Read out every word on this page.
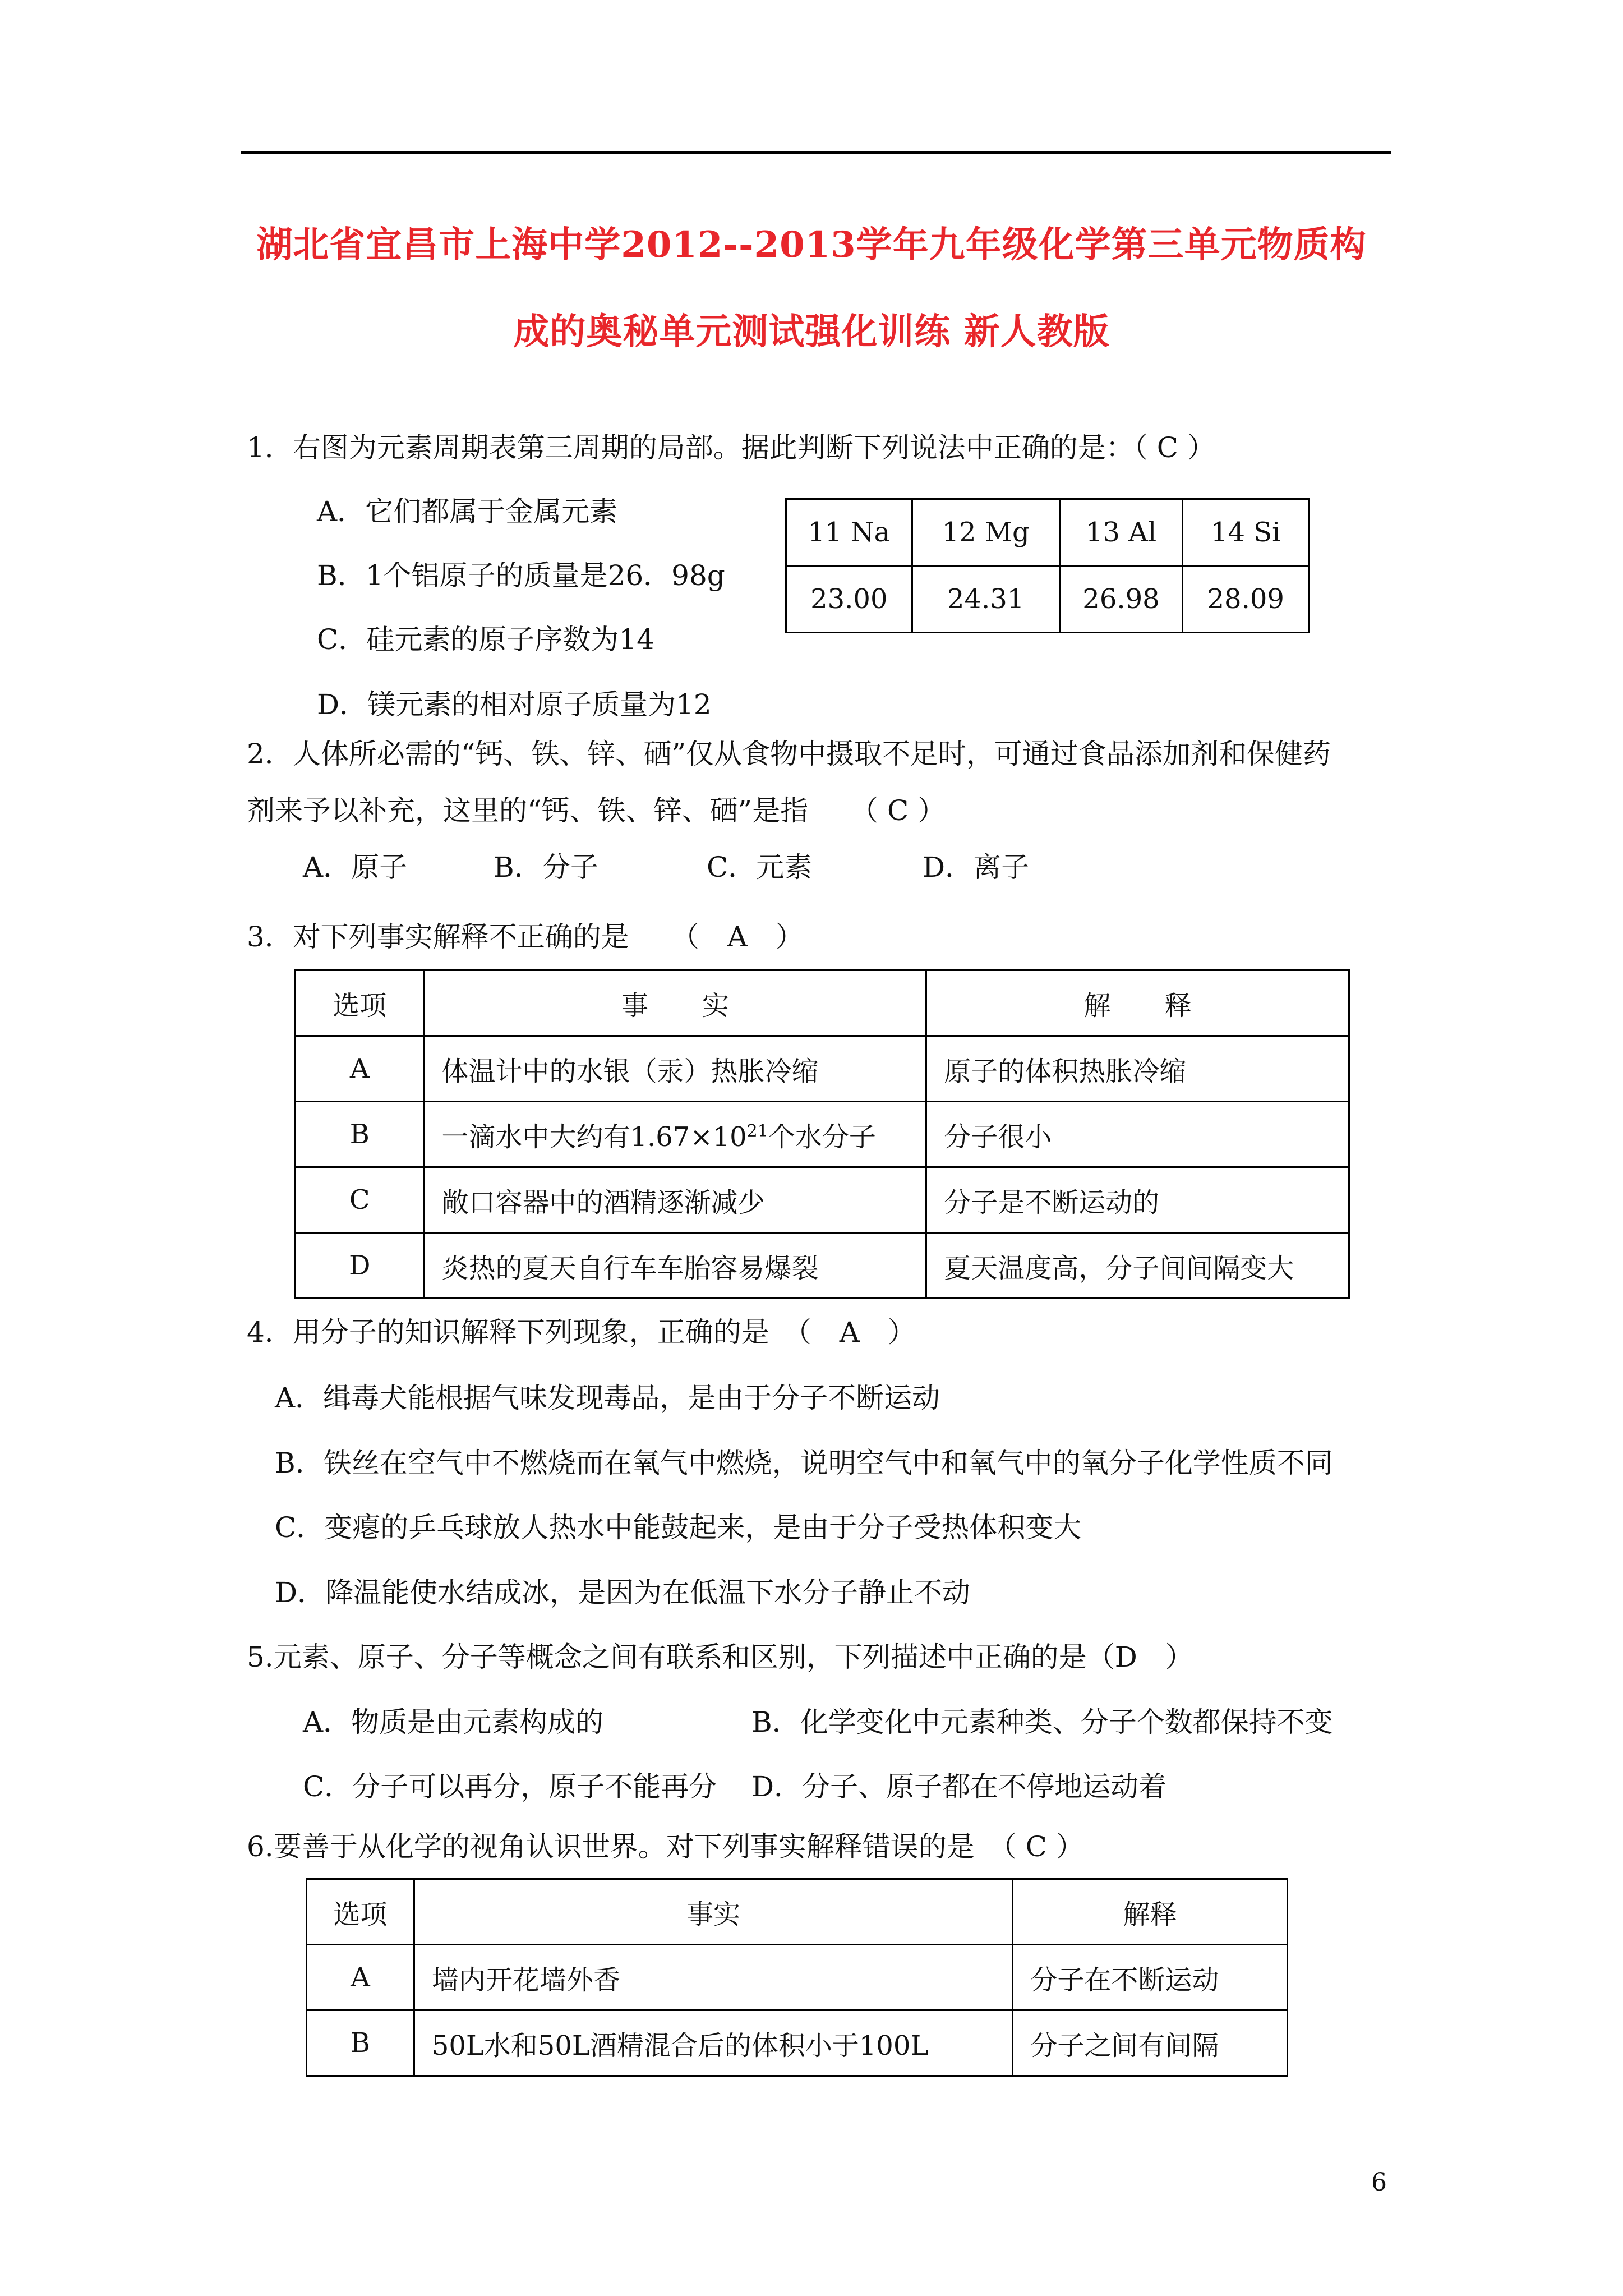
湖北省宜昌市上海中学2012--2013学年九年级化学第三单元物质构
成的奥秘单元测试强化训练 新人教版
1．右图为元素周期表第三周期的局部。据此判断下列说法中正确的是：（ C ）
A．它们都属于金属元素
B．1个铝原子的质量是26．98g
C．硅元素的原子序数为14
D．镁元素的相对原子质量为12
11 Na	12 Mg	13 Al	14 Si
23.00	24.31	26.98	28.09
2．人体所必需的“钙、铁、锌、硒”仅从食物中摄取不足时，可通过食品添加剂和保健药
剂来予以补充，这里的“钙、铁、锌、硒”是指　　（ C ）
A．原子	B．分子	C．元素	D．离子
3．对下列事实解释不正确的是　　（　A　）
选项	事　　实	解　　释
A	体温计中的水银（汞）热胀冷缩	原子的体积热胀冷缩
B	一滴水中大约有$1.67\times 10^{21}$个水分子	分子很小
C	敞口容器中的酒精逐渐减少	分子是不断运动的
D	炎热的夏天自行车车胎容易爆裂	夏天温度高，分子间间隔变大
4．用分子的知识解释下列现象，正确的是　（　A　）
A．缉毒犬能根据气味发现毒品，是由于分子不断运动
B．铁丝在空气中不燃烧而在氧气中燃烧，说明空气中和氧气中的氧分子化学性质不同
C．变瘪的乒乓球放人热水中能鼓起来，是由于分子受热体积变大
D．降温能使水结成冰，是因为在低温下水分子静止不动
5.元素、原子、分子等概念之间有联系和区别，下列描述中正确的是（D　）
A．物质是由元素构成的	B．化学变化中元素种类、分子个数都保持不变
C．分子可以再分，原子不能再分 D．分子、原子都在不停地运动着
6.要善于从化学的视角认识世界。对下列事实解释错误的是　（ C ）
选项	事实	解释
A	墙内开花墙外香	分子在不断运动
B	50L水和50L酒精混合后的体积小于100L	分子之间有间隔
6
